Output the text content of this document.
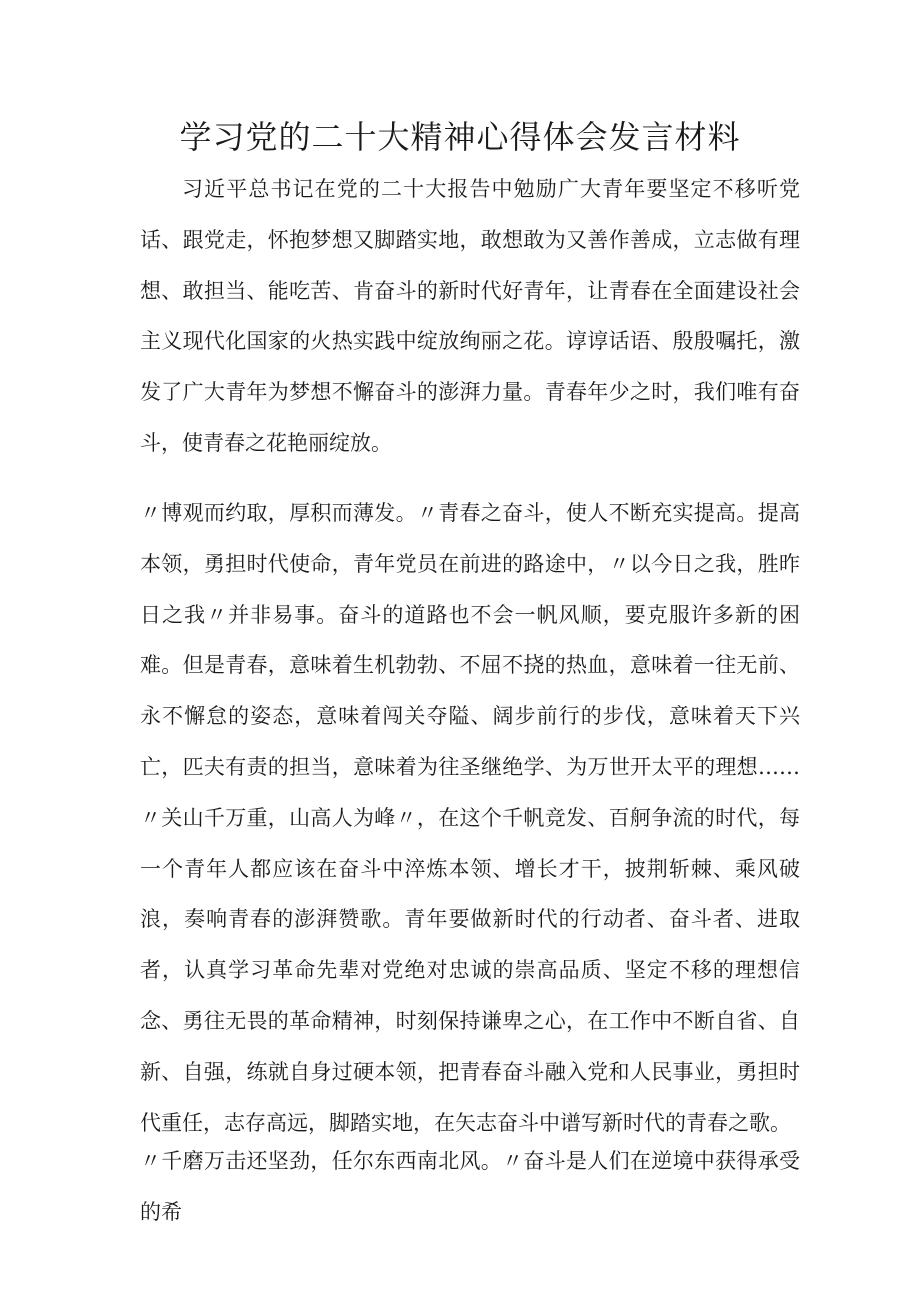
学习党的二十大精神心得体会发言材料

习近平总书记在党的二十大报告中勉励广大青年要坚定不移听党话、跟党走，怀抱梦想又脚踏实地，敢想敢为又善作善成，立志做有理想、敢担当、能吃苦、肯奋斗的新时代好青年，让青春在全面建设社会主义现代化国家的火热实践中绽放绚丽之花。谆谆话语、殷殷嘱托，激发了广大青年为梦想不懈奋斗的澎湃力量。青春年少之时，我们唯有奋斗，使青春之花艳丽绽放。

〃博观而约取，厚积而薄发。〃青春之奋斗，使人不断充实提高。提高本领，勇担时代使命，青年党员在前进的路途中，〃以今日之我，胜昨日之我〃并非易事。奋斗的道路也不会一帆风顺，要克服许多新的困难。但是青春，意味着生机勃勃、不屈不挠的热血，意味着一往无前、永不懈怠的姿态，意味着闯关夺隘、阔步前行的步伐，意味着天下兴亡，匹夫有责的担当，意味着为往圣继绝学、为万世开太平的理想……〃关山千万重，山高人为峰〃，在这个千帆竞发、百舸争流的时代，每一个青年人都应该在奋斗中淬炼本领、增长才干，披荆斩棘、乘风破浪，奏响青春的澎湃赞歌。青年要做新时代的行动者、奋斗者、进取者，认真学习革命先辈对党绝对忠诚的崇高品质、坚定不移的理想信念、勇往无畏的革命精神，时刻保持谦卑之心，在工作中不断自省、自新、自强，练就自身过硬本领，把青春奋斗融入党和人民事业，勇担时代重任，志存高远，脚踏实地，在矢志奋斗中谱写新时代的青春之歌。

〃千磨万击还坚劲，任尔东西南北风。〃奋斗是人们在逆境中获得承受的希
